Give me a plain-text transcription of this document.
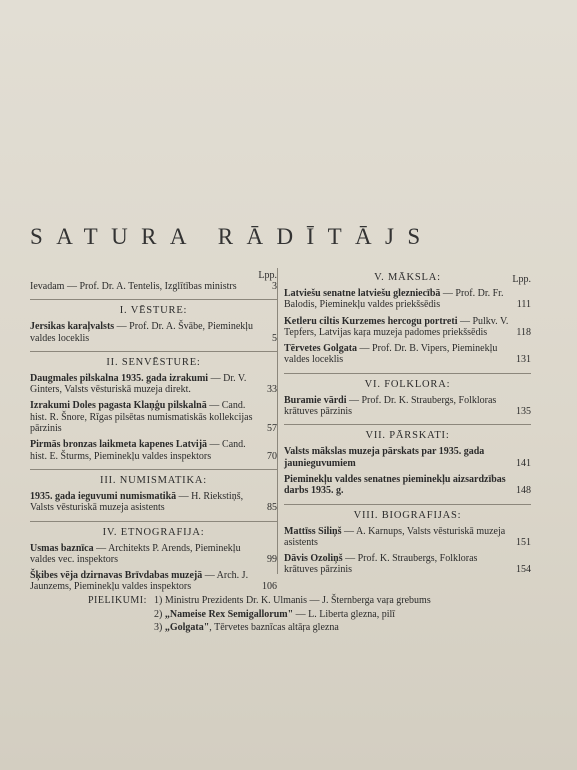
SATURA RĀDĪTĀJS
Lpp.
Ievadam — Prof. Dr. A. Tentelis, Izglītības ministrs	3
I. VĒSTURE:
Jersikas karaļvalsts — Prof. Dr. A. Švābe, Pieminekļu valdes loceklis	5
II. SENVĒSTURE:
Daugmales pilskalna 1935. gada izrakumi — Dr. V. Ginters, Valsts vēsturiskā muzeja direkt.	33
Izrakumi Doles pagasta Klaņģu pilskalnā — Cand. hist. R. Šnore, Rīgas pilsētas numismatiskās kollekcijas pārzinis	57
Pirmās bronzas laikmeta kapenes Latvijā — Cand. hist. E. Šturms, Pieminekļu valdes inspektors	70
III. NUMISMATIKA:
1935. gada ieguvumi numismatikā — H. Riekstiņš, Valsts vēsturiskā muzeja asistents	85
IV. ETNOGRAFIJA:
Usmas baznīca — Architekts P. Arends, Pieminekļu valdes vec. inspektors	99
Šķibes vēja dzirnavas Brīvdabas muzejā — Arch. J. Jaunzems, Pieminekļu valdes inspektors	106
V. MĀKSLA:	Lpp.
Latviešu senatne latviešu glezniecībā — Prof. Dr. Fr. Balodis, Pieminekļu valdes priekšsēdis	111
Ketleru ciltis Kurzemes hercogu portreti — Pulkv. V. Tepfers, Latvijas kaŗa muzeja padomes priekšsēdis	118
Tērvetes Golgata — Prof. Dr. B. Vipers, Pieminekļu valdes loceklis	131
VI. FOLKLORA:
Buramie vārdi — Prof. Dr. K. Straubergs, Folkloras krātuves pārzinis	135
VII. PĀRSKATI:
Valsts mākslas muzeja pārskats par 1935. gada jaunieguvumiem	141
Pieminekļu valdes senatnes pieminekļu aizsardzības darbs 1935. g.	148
VIII. BIOGRAFIJAS:
Mattīss Siliņš — A. Karnups, Valsts vēsturiskā muzeja asistents	151
Dāvis Ozoliņš — Prof. K. Straubergs, Folkloras krātuves pārzinis	154
PIELIKUMI: 1) Ministru Prezidents Dr. K. Ulmanis — J. Šternberga vaŗa grebums
2) „Nameise Rex Semigallorum" — L. Liberta glezna, pilī
3) „Golgata", Tērvetes baznīcas altāŗa glezna
